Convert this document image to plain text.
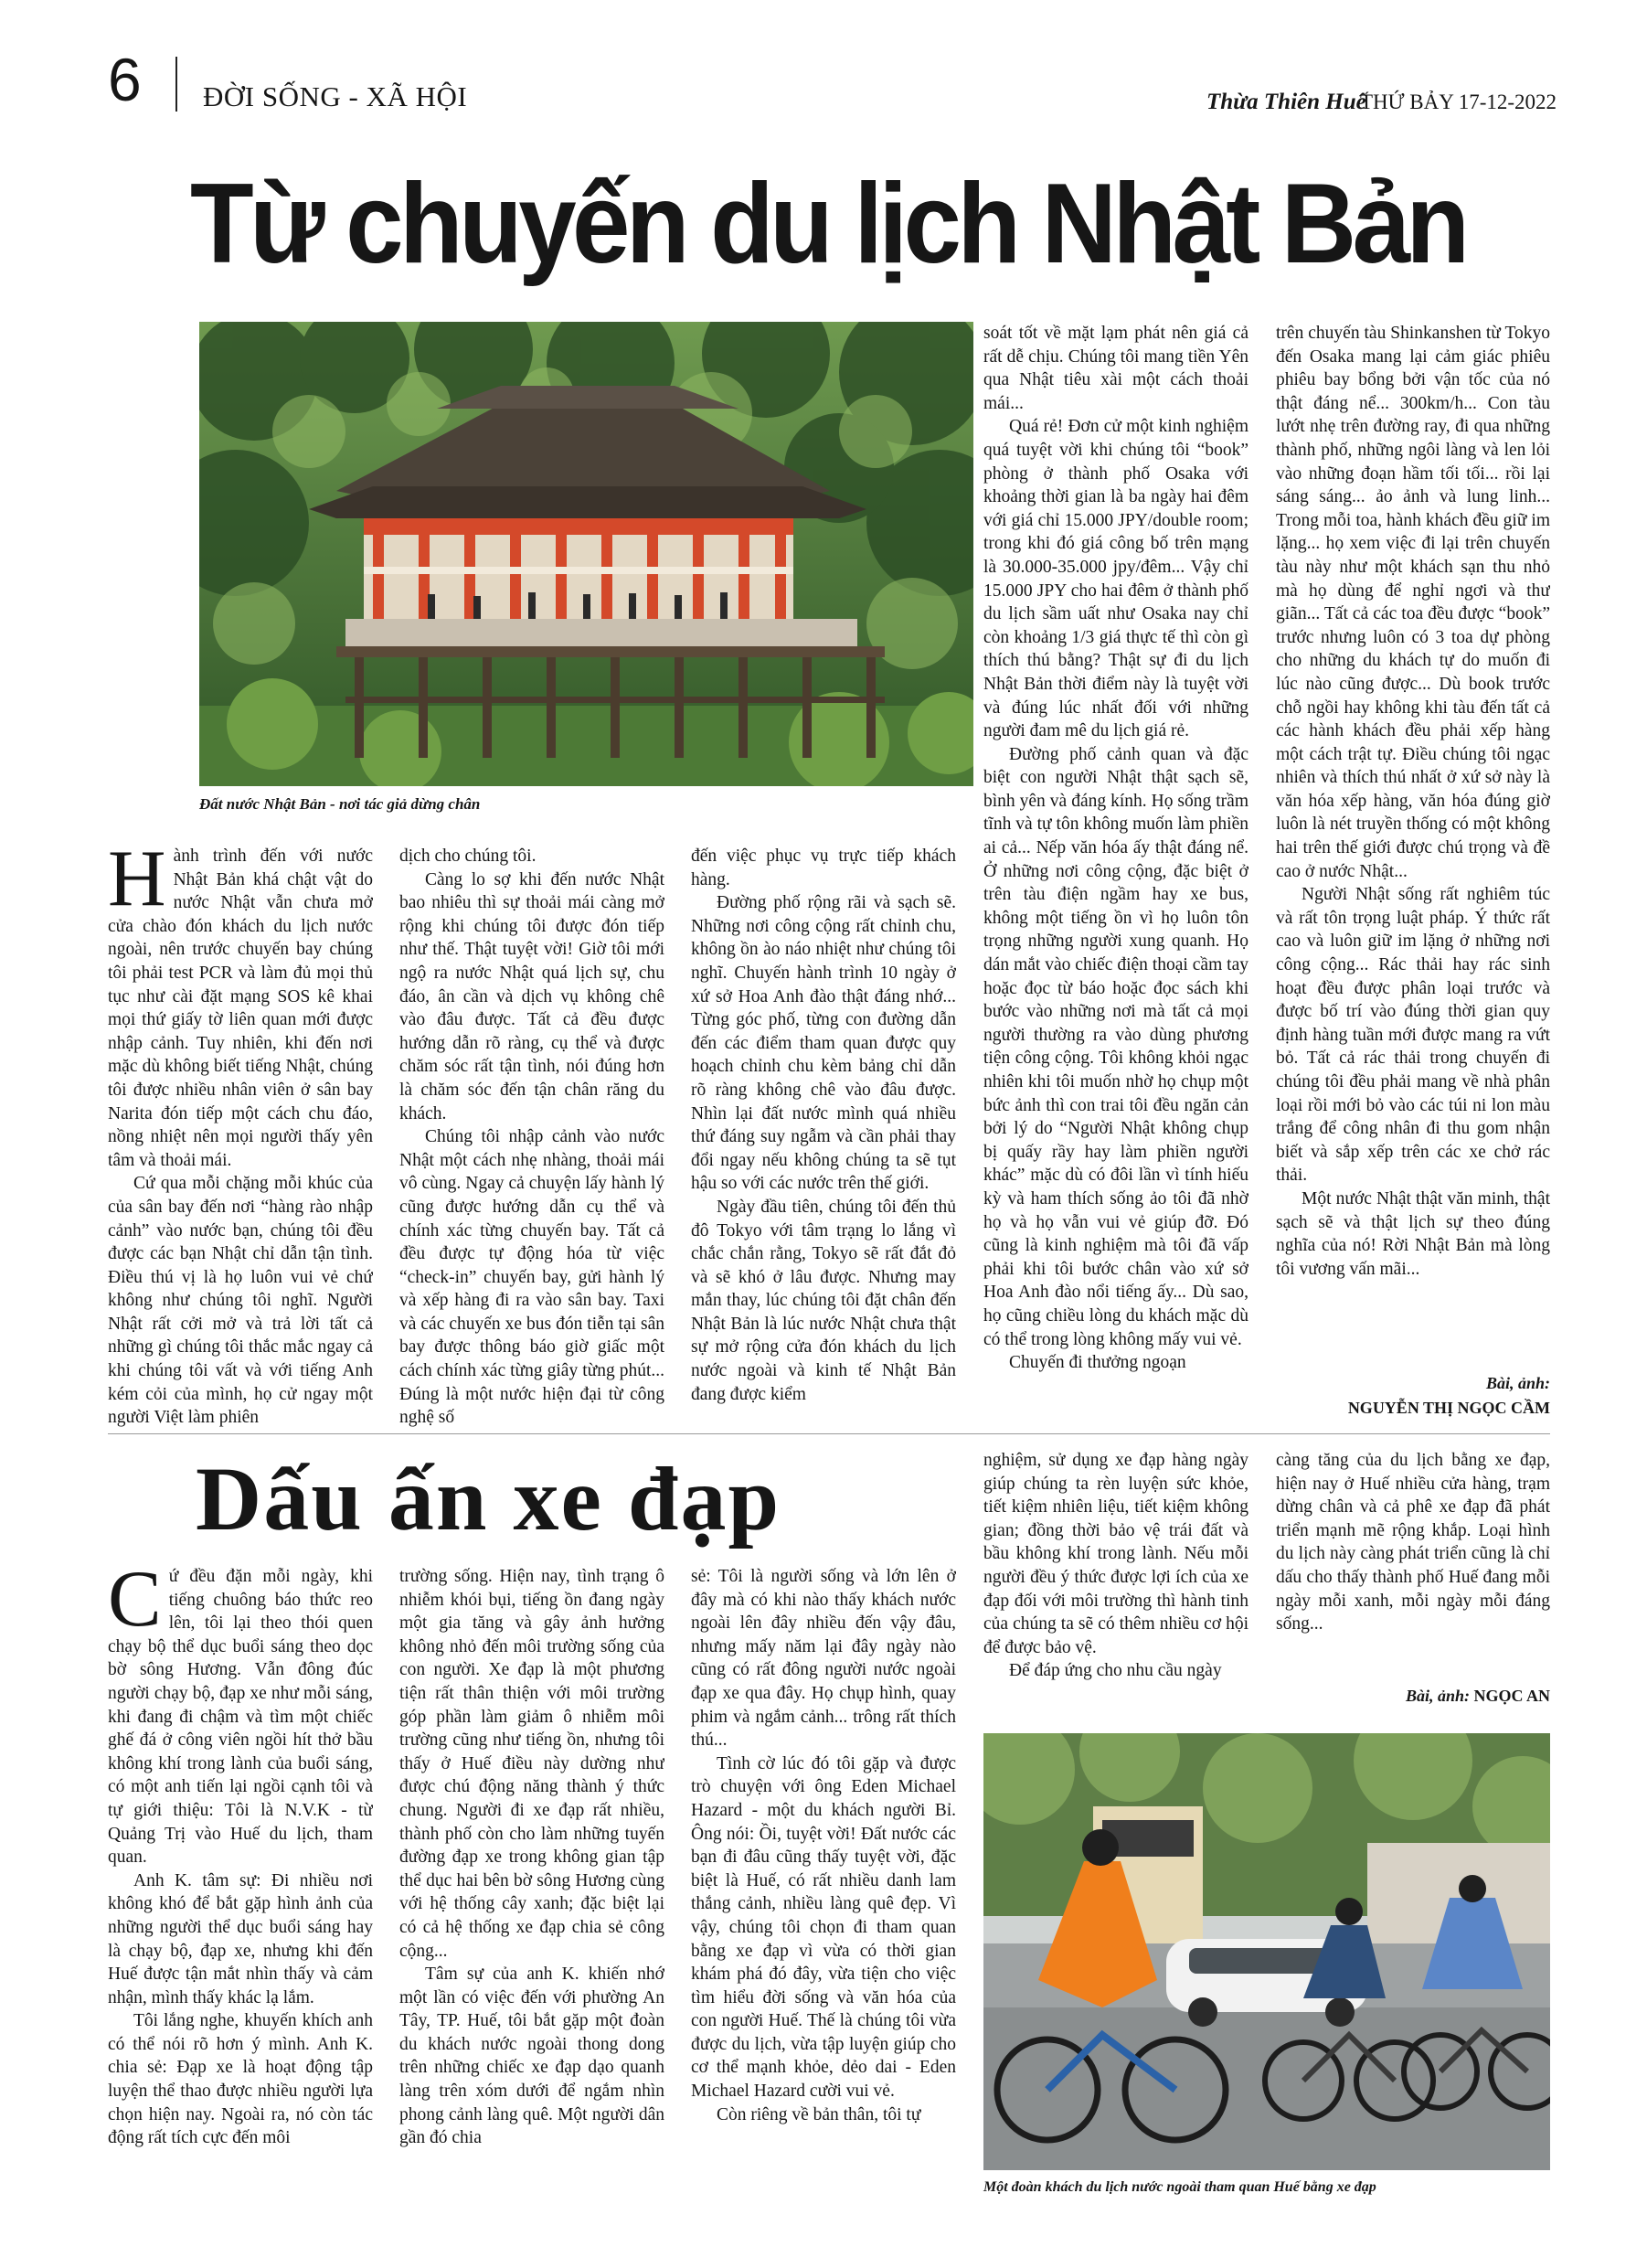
6 ĐỜI SỐNG - XÃ HỘI	Thừa Thiên Huế
THỨ BẢY 17-12-2022
Từ chuyến du lịch Nhật Bản
Đất nước Nhật Bản - nơi tác giả dừng chân
H ành trình đến với nước Nhật Bản khá chật vật do nước Nhật vẫn chưa mở cửa chào đón khách du lịch nước ngoài, nên trước chuyến bay chúng tôi phải test PCR và làm đủ mọi thủ tục như cài đặt mạng SOS kê khai mọi thứ giấy tờ liên quan mới được nhập cảnh. Tuy nhiên, khi đến nơi mặc dù không biết tiếng Nhật, chúng tôi được nhiều nhân viên ở sân bay Narita đón tiếp một cách chu đáo, nồng nhiệt nên mọi người thấy yên tâm và thoải mái.

Cứ qua mỗi chặng mỗi khúc của của sân bay đến nơi “hàng rào nhập cảnh” vào nước bạn, chúng tôi đều được các bạn Nhật chỉ dẫn tận tình. Điều thú vị là họ luôn vui vẻ chứ không như chúng tôi nghĩ. Người Nhật rất cởi mở và trả lời tất cả những gì chúng tôi thắc mắc ngay cả khi chúng tôi vất và với tiếng Anh kém cỏi của mình, họ cử ngay một người Việt làm phiên

dịch cho chúng tôi.

Càng lo sợ khi đến nước Nhật bao nhiêu thì sự thoải mái càng mở rộng khi chúng tôi được đón tiếp như thế. Thật tuyệt vời! Giờ tôi mới ngộ ra nước Nhật quá lịch sự, chu đáo, ân cần và dịch vụ không chê vào đâu được. Tất cả đều được hướng dẫn rõ ràng, cụ thể và được chăm sóc rất tận tình, nói đúng hơn là chăm sóc đến tận chân răng du khách.

Chúng tôi nhập cảnh vào nước Nhật một cách nhẹ nhàng, thoải mái vô cùng. Ngay cả chuyện lấy hành lý cũng được hướng dẫn cụ thể và chính xác từng chuyến bay. Tất cả đều được tự động hóa từ việc “check-in” chuyến bay, gửi hành lý và xếp hàng đi ra vào sân bay. Taxi và các chuyến xe bus đón tiễn tại sân bay được thông báo giờ giấc một cách chính xác từng giây từng phút... Đúng là một nước hiện đại từ công nghệ số

đến việc phục vụ trực tiếp khách hàng.

Đường phố rộng rãi và sạch sẽ. Những nơi công cộng rất chỉnh chu, không ồn ào náo nhiệt như chúng tôi nghĩ. Chuyến hành trình 10 ngày ở xứ sở Hoa Anh đào thật đáng nhớ... Từng góc phố, từng con đường dẫn đến các điểm tham quan được quy hoạch chỉnh chu kèm bảng chỉ dẫn rõ ràng không chê vào đâu được. Nhìn lại đất nước mình quá nhiều thứ đáng suy ngẫm và cần phải thay đổi ngay nếu không chúng ta sẽ tụt hậu so với các nước trên thế giới.

Ngày đầu tiên, chúng tôi đến thủ đô Tokyo với tâm trạng lo lắng vì chắc chắn rằng, Tokyo sẽ rất đắt đỏ và sẽ khó ở lâu được. Nhưng may mắn thay, lúc chúng tôi đặt chân đến Nhật Bản là lúc nước Nhật chưa thật sự mở rộng cửa đón khách du lịch nước ngoài và kinh tế Nhật Bản đang được kiểm

soát tốt về mặt lạm phát nên giá cả rất dễ chịu. Chúng tôi mang tiền Yên qua Nhật tiêu xài một cách thoải mái...

Quá rẻ! Đơn cử một kinh nghiệm quá tuyệt vời khi chúng tôi “book” phòng ở thành phố Osaka với khoảng thời gian là ba ngày hai đêm với giá chỉ 15.000 JPY/double room; trong khi đó giá công bố trên mạng là 30.000-35.000 jpy/đêm... Vậy chỉ 15.000 JPY cho hai đêm ở thành phố du lịch sầm uất như Osaka nay chỉ còn khoảng 1/3 giá thực tế thì còn gì thích thú bằng? Thật sự đi du lịch Nhật Bản thời điểm này là tuyệt vời và đúng lúc nhất đối với những người đam mê du lịch giá rẻ.

Đường phố cảnh quan và đặc biệt con người Nhật thật sạch sẽ, bình yên và đáng kính. Họ sống trầm tĩnh và tự tôn không muốn làm phiền ai cả... Nếp văn hóa ấy thật đáng nể. Ở những nơi công cộng, đặc biệt ở trên tàu điện ngầm hay xe bus, không một tiếng ồn vì họ luôn tôn trọng những người xung quanh. Họ dán mắt vào chiếc điện thoại cầm tay hoặc đọc từ báo hoặc đọc sách khi bước vào những nơi mà tất cả mọi người thường ra vào dùng phương tiện công cộng. Tôi không khỏi ngạc nhiên khi tôi muốn nhờ họ chụp một bức ảnh thì con trai tôi đều ngăn cản bởi lý do “Người Nhật không chụp bị quấy rầy hay làm phiền người khác” mặc dù có đôi lần vì tính hiếu kỳ và ham thích sống ảo tôi đã nhờ họ và họ vẫn vui vẻ giúp đỡ. Đó cũng là kinh nghiệm mà tôi đã vấp phải khi tôi bước chân vào xứ sở Hoa Anh đào nổi tiếng ấy... Dù sao, họ cũng chiều lòng du khách mặc dù có thể trong lòng không mấy vui vẻ.

Chuyến đi thưởng ngoạn

trên chuyến tàu Shinkanshen từ Tokyo đến Osaka mang lại cảm giác phiêu phiêu bay bổng bởi vận tốc của nó thật đáng nể... 300km/h... Con tàu lướt nhẹ trên đường ray, đi qua những thành phố, những ngôi làng và len lỏi vào những đoạn hầm tối tối... rồi lại sáng sáng... ảo ảnh và lung linh... Trong mỗi toa, hành khách đều giữ im lặng... họ xem việc đi lại trên chuyến tàu này như một khách sạn thu nhỏ mà họ dùng để nghỉ ngơi và thư giãn... Tất cả các toa đều được “book” trước nhưng luôn có 3 toa dự phòng cho những du khách tự do muốn đi lúc nào cũng được... Dù book trước chỗ ngồi hay không khi tàu đến tất cả các hành khách đều phải xếp hàng một cách trật tự. Điều chúng tôi ngạc nhiên và thích thú nhất ở xứ sở này là văn hóa xếp hàng, văn hóa đúng giờ luôn là nét truyền thống có một không hai trên thế giới được chú trọng và đề cao ở nước Nhật...

Người Nhật sống rất nghiêm túc và rất tôn trọng luật pháp. Ý thức rất cao và luôn giữ im lặng ở những nơi công cộng... Rác thải hay rác sinh hoạt đều được phân loại trước và được bố trí vào đúng thời gian quy định hàng tuần mới được mang ra vứt bỏ. Tất cả rác thải trong chuyến đi chúng tôi đều phải mang về nhà phân loại rồi mới bỏ vào các túi ni lon màu trắng để công nhân đi thu gom nhận biết và sắp xếp trên các xe chở rác thải.

Một nước Nhật thật văn minh, thật sạch sẽ và thật lịch sự theo đúng nghĩa của nó! Rời Nhật Bản mà lòng tôi vương vấn mãi...

Bài, ảnh:
NGUYỄN THỊ NGỌC CẦM
Dấu ấn xe đạp
C ứ đều đặn mỗi ngày, khi tiếng chuông báo thức reo lên, tôi lại theo thói quen chạy bộ thể dục buổi sáng theo dọc bờ sông Hương. Vẫn đông đúc người chạy bộ, đạp xe như mỗi sáng, khi đang đi chậm và tìm một chiếc ghế đá ở công viên ngồi hít thở bầu không khí trong lành của buổi sáng, có một anh tiến lại ngồi cạnh tôi và tự giới thiệu: Tôi là N.V.K - từ Quảng Trị vào Huế du lịch, tham quan.

Anh K. tâm sự: Đi nhiều nơi không khó để bắt gặp hình ảnh của những người thể dục buổi sáng hay là chạy bộ, đạp xe, nhưng khi đến Huế được tận mắt nhìn thấy và cảm nhận, mình thấy khác lạ lắm.

Tôi lắng nghe, khuyến khích anh có thể nói rõ hơn ý mình. Anh K. chia sẻ: Đạp xe là hoạt động tập luyện thể thao được nhiều người lựa chọn hiện nay. Ngoài ra, nó còn tác động rất tích cực đến môi

trường sống. Hiện nay, tình trạng ô nhiễm khói bụi, tiếng ồn đang ngày một gia tăng và gây ảnh hưởng không nhỏ đến môi trường sống của con người. Xe đạp là một phương tiện rất thân thiện với môi trường góp phần làm giảm ô nhiễm môi trường cũng như tiếng ồn, nhưng tôi thấy ở Huế điều này dường như được chú động năng thành ý thức chung. Người đi xe đạp rất nhiều, thành phố còn cho làm những tuyến đường đạp xe trong không gian tập thể dục hai bên bờ sông Hương cùng với hệ thống cây xanh; đặc biệt lại có cả hệ thống xe đạp chia sẻ công cộng...

Tâm sự của anh K. khiến nhớ một lần có việc đến với phường An Tây, TP. Huế, tôi bắt gặp một đoàn du khách nước ngoài thong dong trên những chiếc xe đạp dạo quanh làng trên xóm dưới để ngắm nhìn phong cảnh làng quê. Một người dân gần đó chia

sẻ: Tôi là người sống và lớn lên ở đây mà có khi nào thấy khách nước ngoài lên đây nhiều đến vậy đâu, nhưng mấy năm lại đây ngày nào cũng có rất đông người nước ngoài đạp xe qua đây. Họ chụp hình, quay phim và ngắm cảnh... trông rất thích thú...

Tình cờ lúc đó tôi gặp và được trò chuyện với ông Eden Michael Hazard - một du khách người Bỉ. Ông nói: Ồi, tuyệt vời! Đất nước các bạn đi đâu cũng thấy tuyệt vời, đặc biệt là Huế, có rất nhiều danh lam thắng cảnh, nhiều làng quê đẹp. Vì vậy, chúng tôi chọn đi tham quan bằng xe đạp vì vừa có thời gian khám phá đó đây, vừa tiện cho việc tìm hiểu đời sống và văn hóa của con người Huế. Thế là chúng tôi vừa được du lịch, vừa tập luyện giúp cho cơ thể mạnh khỏe, dẻo dai - Eden Michael Hazard cười vui vẻ.

Còn riêng về bản thân, tôi tự

nghiệm, sử dụng xe đạp hàng ngày giúp chúng ta rèn luyện sức khỏe, tiết kiệm nhiên liệu, tiết kiệm không gian; đồng thời bảo vệ trái đất và bầu không khí trong lành. Nếu mỗi người đều ý thức được lợi ích của xe đạp đối với môi trường thì hành tinh của chúng ta sẽ có thêm nhiều cơ hội để được bảo vệ.

Để đáp ứng cho nhu cầu ngày

càng tăng của du lịch bằng xe đạp, hiện nay ở Huế nhiều cửa hàng, trạm dừng chân và cả phê xe đạp đã phát triển mạnh mẽ rộng khắp. Loại hình du lịch này càng phát triển cũng là chỉ dấu cho thấy thành phố Huế đang mỗi ngày mỗi xanh, mỗi ngày mỗi đáng sống...

Bài, ảnh: NGỌC AN
Một đoàn khách du lịch nước ngoài tham quan Huế bằng xe đạp
